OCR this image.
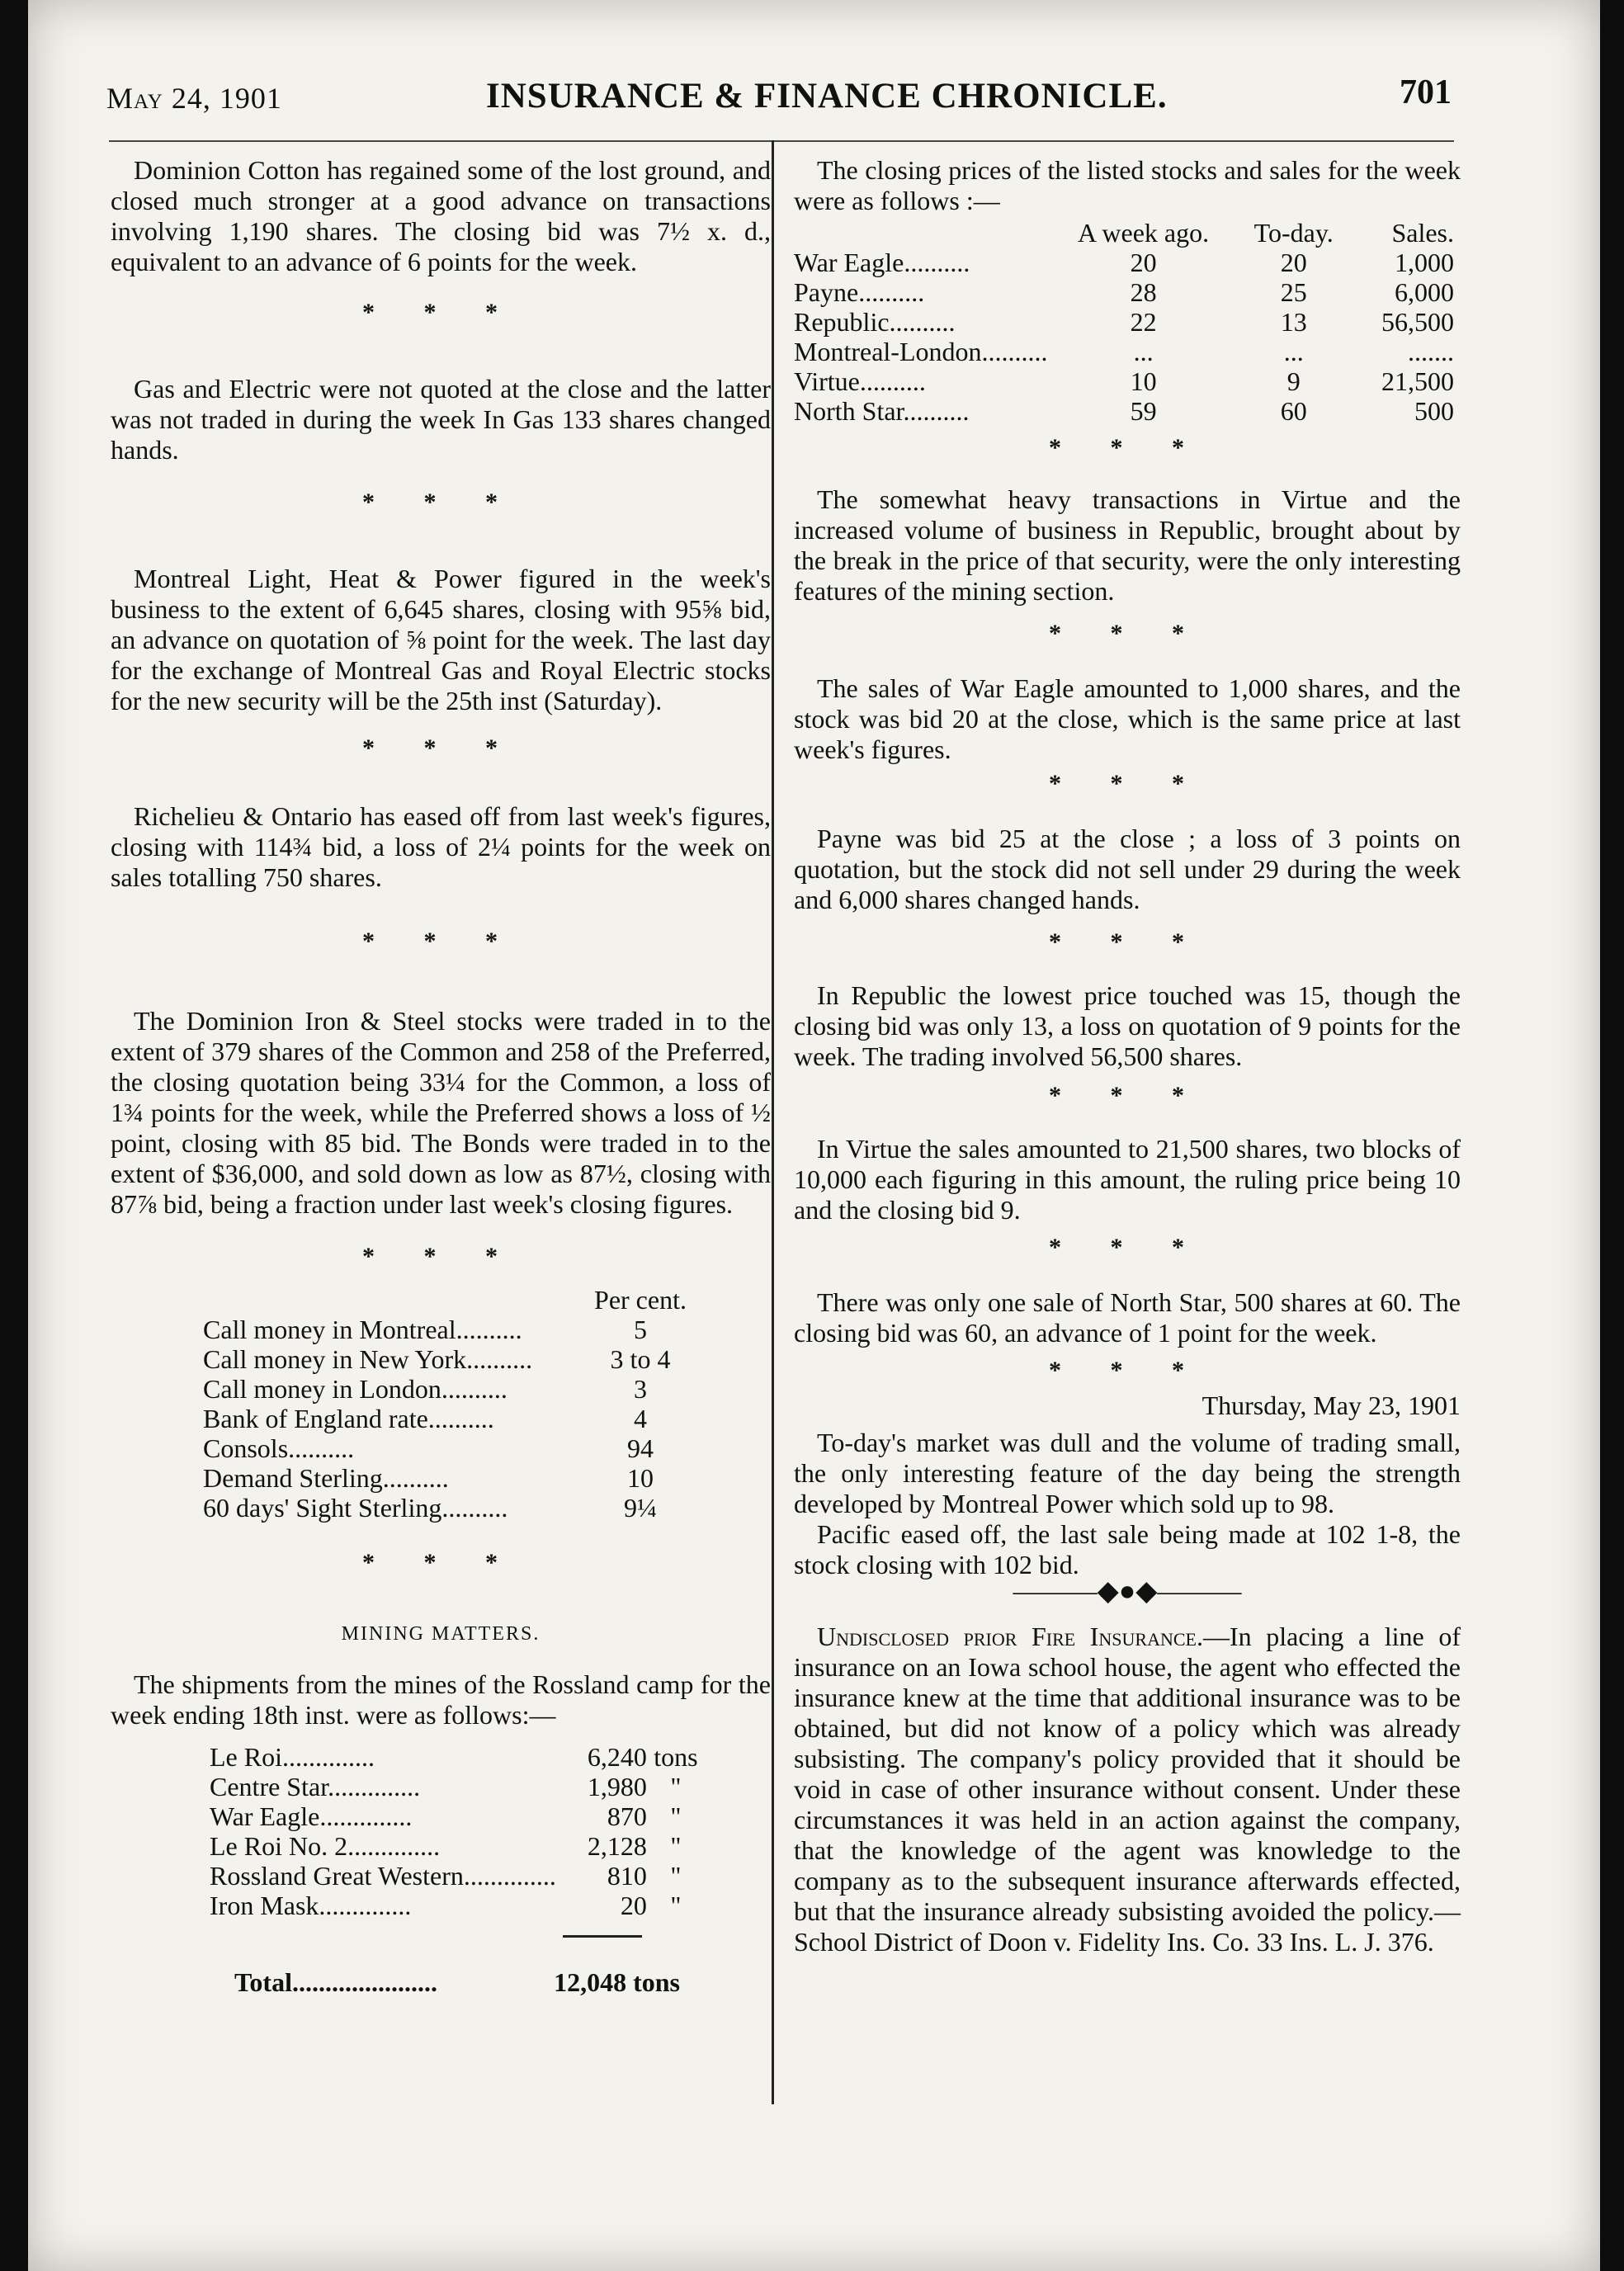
May 24, 1901	INSURANCE & FINANCE CHRONICLE.	701

Dominion Cotton has regained some of the lost ground, and closed much stronger at a good advance on transactions involving 1,190 shares. The closing bid was 7½ x. d., equivalent to an advance of 6 points for the week.

* * *

Gas and Electric were not quoted at the close and the latter was not traded in during the week In Gas 133 shares changed hands.

* * *

Montreal Light, Heat & Power figured in the week's business to the extent of 6,645 shares, closing with 95⅝ bid, an advance on quotation of ⅝ point for the week. The last day for the exchange of Montreal Gas and Royal Electric stocks for the new security will be the 25th inst (Saturday).

* * *

Richelieu & Ontario has eased off from last week's figures, closing with 114¾ bid, a loss of 2¼ points for the week on sales totalling 750 shares.

* * *

The Dominion Iron & Steel stocks were traded in to the extent of 379 shares of the Common and 258 of the Preferred, the closing quotation being 33¼ for the Common, a loss of 1¾ points for the week, while the Preferred shows a loss of ½ point, closing with 85 bid. The Bonds were traded in to the extent of $36,000, and sold down as low as 87½, closing with 87⅞ bid, being a fraction under last week's closing figures.

* * *
	Per cent.
Call money in Montreal..........	5
Call money in New York..........	3 to 4
Call money in London..........	3
Bank of England rate..........	4
Consols..........	94
Demand Sterling..........	10
60 days' Sight Sterling..........	9¼
* * *
MINING MATTERS.

The shipments from the mines of the Rossland camp for the week ending 18th inst. were as follows:—

Le Roi..............	6,240	tons
Centre Star..............	1,980	"
War Eagle..............	870	"
Le Roi No. 2..............	2,128	"
Rossland Great Western..............	810	"
Iron Mask..............	20	"
Total......................	12,048 tons

The closing prices of the listed stocks and sales for the week were as follows :—

	A week ago.	To-day.	Sales.
War Eagle..........	20	20	1,000
Payne..........	28	25	6,000
Republic..........	22	13	56,500
Montreal-London..........	...	...	.......
Virtue..........	10	9	21,500
North Star..........	59	60	500
* * *

The somewhat heavy transactions in Virtue and the increased volume of business in Republic, brought about by the break in the price of that security, were the only interesting features of the mining section.

* * *

The sales of War Eagle amounted to 1,000 shares, and the stock was bid 20 at the close, which is the same price at last week's figures.

* * *

Payne was bid 25 at the close ; a loss of 3 points on quotation, but the stock did not sell under 29 during the week and 6,000 shares changed hands.

* * *

In Republic the lowest price touched was 15, though the closing bid was only 13, a loss on quotation of 9 points for the week. The trading involved 56,500 shares.

* * *

In Virtue the sales amounted to 21,500 shares, two blocks of 10,000 each figuring in this amount, the ruling price being 10 and the closing bid 9.

* * *

There was only one sale of North Star, 500 shares at 60. The closing bid was 60, an advance of 1 point for the week.

* * *
Thursday, May 23, 1901

To-day's market was dull and the volume of trading small, the only interesting feature of the day being the strength developed by Montreal Power which sold up to 98.

Pacific eased off, the last sale being made at 102 1-8, the stock closing with 102 bid.

———◆●◆———

Undisclosed prior Fire Insurance.—In placing a line of insurance on an Iowa school house, the agent who effected the insurance knew at the time that additional insurance was to be obtained, but did not know of a policy which was already subsisting. The company's policy provided that it should be void in case of other insurance without consent. Under these circumstances it was held in an action against the company, that the knowledge of the agent was knowledge to the company as to the subsequent insurance afterwards effected, but that the insurance already subsisting avoided the policy.—School District of Doon v. Fidelity Ins. Co. 33 Ins. L. J. 376.
